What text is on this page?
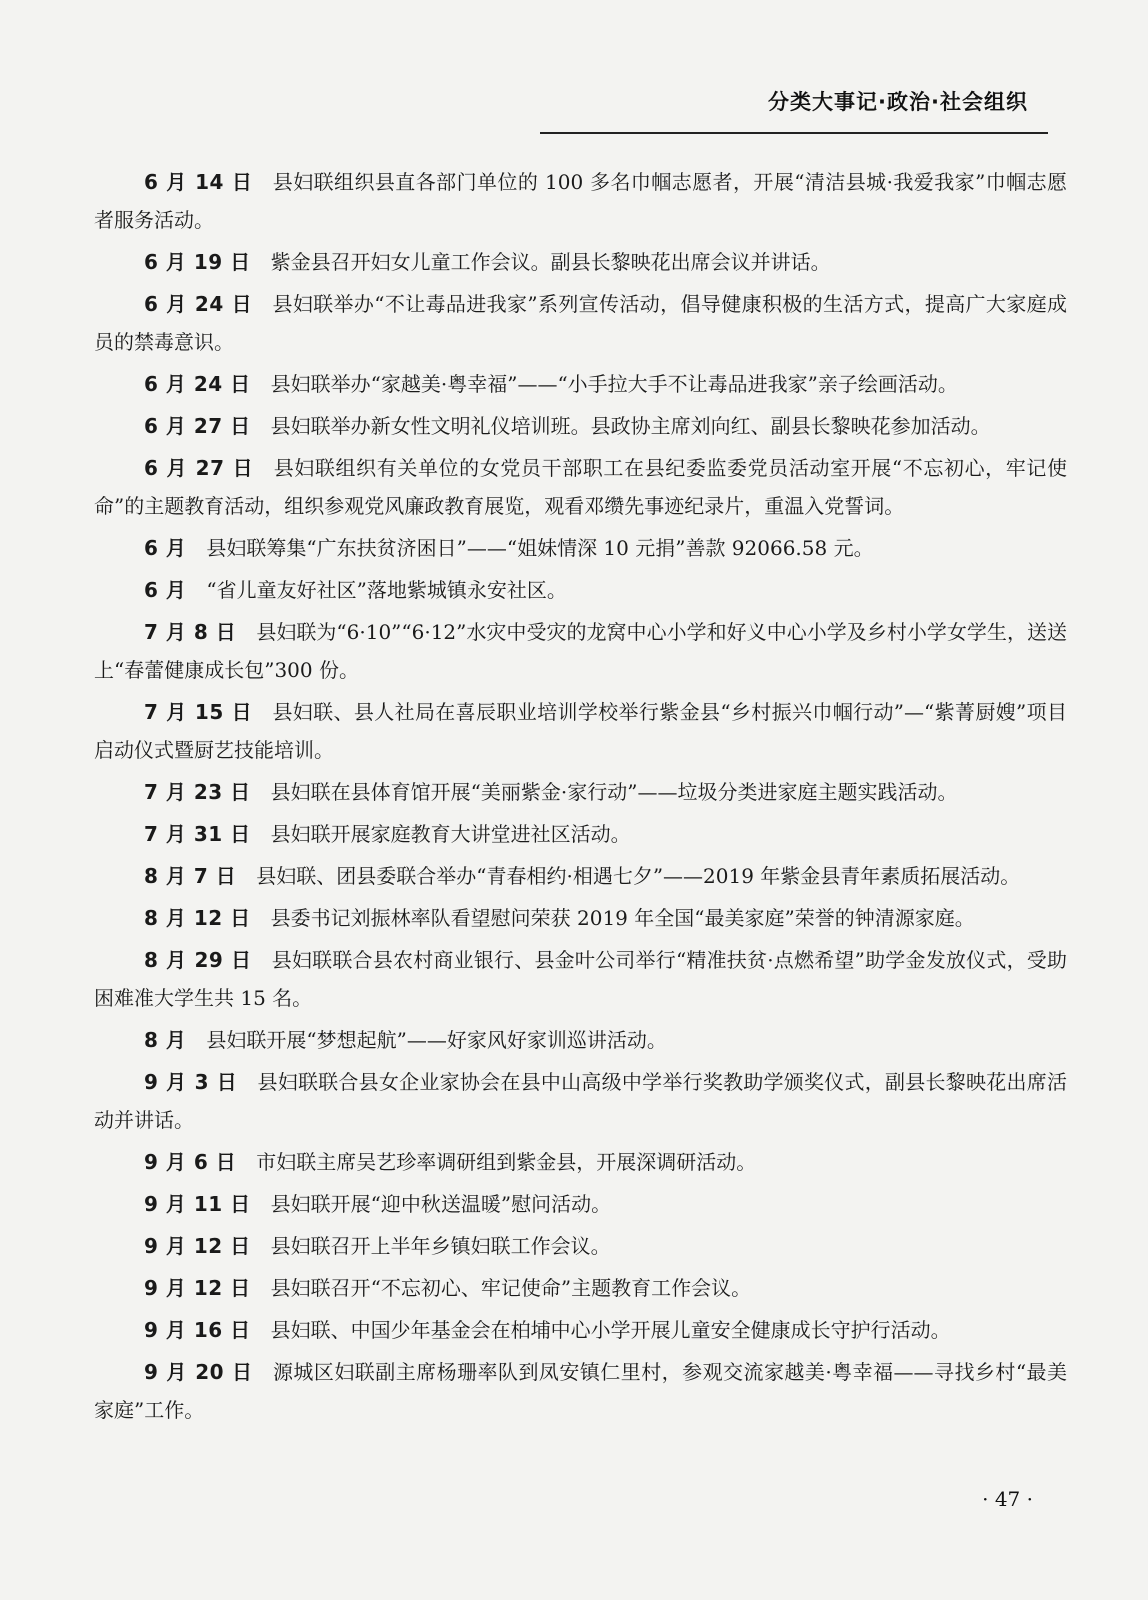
分类大事记·政治·社会组织

6 月 14 日 县妇联组织县直各部门单位的 100 多名巾帼志愿者，开展“清洁县城·我爱我家”巾帼志愿者服务活动。

6 月 19 日 紫金县召开妇女儿童工作会议。副县长黎映花出席会议并讲话。

6 月 24 日 县妇联举办“不让毒品进我家”系列宣传活动，倡导健康积极的生活方式，提高广大家庭成员的禁毒意识。

6 月 24 日 县妇联举办“家越美·粤幸福”——“小手拉大手不让毒品进我家”亲子绘画活动。

6 月 27 日 县妇联举办新女性文明礼仪培训班。县政协主席刘向红、副县长黎映花参加活动。

6 月 27 日 县妇联组织有关单位的女党员干部职工在县纪委监委党员活动室开展“不忘初心，牢记使命”的主题教育活动，组织参观党风廉政教育展览，观看邓缵先事迹纪录片，重温入党誓词。

6 月 县妇联筹集“广东扶贫济困日”——“姐妹情深 10 元捐”善款 92066.58 元。

6 月 “省儿童友好社区”落地紫城镇永安社区。

7 月 8 日 县妇联为“6·10”“6·12”水灾中受灾的龙窝中心小学和好义中心小学及乡村小学女学生，送送上“春蕾健康成长包”300 份。

7 月 15 日 县妇联、县人社局在喜辰职业培训学校举行紫金县“乡村振兴巾帼行动”—“紫菁厨嫂”项目启动仪式暨厨艺技能培训。

7 月 23 日 县妇联在县体育馆开展“美丽紫金·家行动”——垃圾分类进家庭主题实践活动。

7 月 31 日 县妇联开展家庭教育大讲堂进社区活动。

8 月 7 日 县妇联、团县委联合举办“青春相约·相遇七夕”——2019 年紫金县青年素质拓展活动。

8 月 12 日 县委书记刘振林率队看望慰问荣获 2019 年全国“最美家庭”荣誉的钟清源家庭。

8 月 29 日 县妇联联合县农村商业银行、县金叶公司举行“精准扶贫·点燃希望”助学金发放仪式，受助困难准大学生共 15 名。

8 月 县妇联开展“梦想起航”——好家风好家训巡讲活动。

9 月 3 日 县妇联联合县女企业家协会在县中山高级中学举行奖教助学颁奖仪式，副县长黎映花出席活动并讲话。

9 月 6 日 市妇联主席吴艺珍率调研组到紫金县，开展深调研活动。

9 月 11 日 县妇联开展“迎中秋送温暖”慰问活动。

9 月 12 日 县妇联召开上半年乡镇妇联工作会议。

9 月 12 日 县妇联召开“不忘初心、牢记使命”主题教育工作会议。

9 月 16 日 县妇联、中国少年基金会在柏埔中心小学开展儿童安全健康成长守护行活动。

9 月 20 日 源城区妇联副主席杨珊率队到凤安镇仁里村，参观交流家越美·粤幸福——寻找乡村“最美家庭”工作。

· 47 ·
